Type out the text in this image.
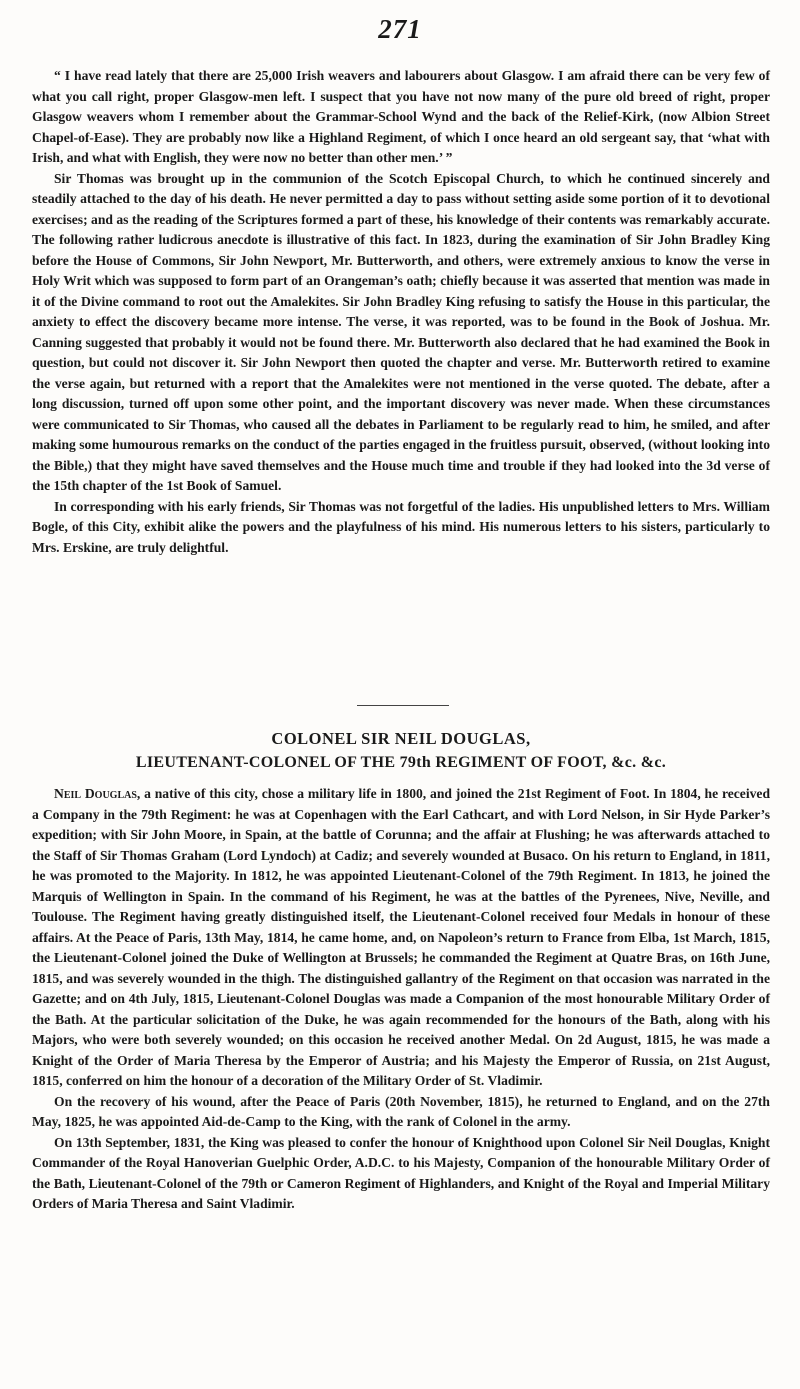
271

“ I have read lately that there are 25,000 Irish weavers and labourers about Glasgow. I am afraid there can be very few of what you call right, proper Glasgow-men left. I suspect that you have not now many of the pure old breed of right, proper Glasgow weavers whom I remember about the Grammar-School Wynd and the back of the Relief-Kirk, (now Albion Street Chapel-of-Ease). They are probably now like a Highland Regiment, of which I once heard an old sergeant say, that ‘what with Irish, and what with English, they were now no better than other men.’ ”

Sir Thomas was brought up in the communion of the Scotch Episcopal Church, to which he continued sincerely and steadily attached to the day of his death. He never permitted a day to pass without setting aside some portion of it to devotional exercises; and as the reading of the Scriptures formed a part of these, his knowledge of their contents was remarkably accurate. The following rather ludicrous anecdote is illustrative of this fact. In 1823, during the examination of Sir John Bradley King before the House of Commons, Sir John Newport, Mr. Butterworth, and others, were extremely anxious to know the verse in Holy Writ which was supposed to form part of an Orangeman’s oath; chiefly because it was asserted that mention was made in it of the Divine command to root out the Amalekites. Sir John Bradley King refusing to satisfy the House in this particular, the anxiety to effect the discovery became more intense. The verse, it was reported, was to be found in the Book of Joshua. Mr. Canning suggested that probably it would not be found there. Mr. Butterworth also declared that he had examined the Book in question, but could not discover it. Sir John Newport then quoted the chapter and verse. Mr. Butterworth retired to examine the verse again, but returned with a report that the Amalekites were not mentioned in the verse quoted. The debate, after a long discussion, turned off upon some other point, and the important discovery was never made. When these circumstances were communicated to Sir Thomas, who caused all the debates in Parliament to be regularly read to him, he smiled, and after making some humourous remarks on the conduct of the parties engaged in the fruitless pursuit, observed, (without looking into the Bible,) that they might have saved themselves and the House much time and trouble if they had looked into the 3d verse of the 15th chapter of the 1st Book of Samuel.

In corresponding with his early friends, Sir Thomas was not forgetful of the ladies. His unpublished letters to Mrs. William Bogle, of this City, exhibit alike the powers and the playfulness of his mind. His numerous letters to his sisters, particularly to Mrs. Erskine, are truly delightful.

COLONEL SIR NEIL DOUGLAS,
LIEUTENANT-COLONEL OF THE 79th REGIMENT OF FOOT, &c. &c.

Neil Douglas, a native of this city, chose a military life in 1800, and joined the 21st Regiment of Foot. In 1804, he received a Company in the 79th Regiment: he was at Copenhagen with the Earl Cathcart, and with Lord Nelson, in Sir Hyde Parker’s expedition; with Sir John Moore, in Spain, at the battle of Corunna; and the affair at Flushing; he was afterwards attached to the Staff of Sir Thomas Graham (Lord Lyndoch) at Cadiz; and severely wounded at Busaco. On his return to England, in 1811, he was promoted to the Majority. In 1812, he was appointed Lieutenant-Colonel of the 79th Regiment. In 1813, he joined the Marquis of Wellington in Spain. In the command of his Regiment, he was at the battles of the Pyrenees, Nive, Neville, and Toulouse. The Regiment having greatly distinguished itself, the Lieutenant-Colonel received four Medals in honour of these affairs. At the Peace of Paris, 13th May, 1814, he came home, and, on Napoleon’s return to France from Elba, 1st March, 1815, the Lieutenant-Colonel joined the Duke of Wellington at Brussels; he commanded the Regiment at Quatre Bras, on 16th June, 1815, and was severely wounded in the thigh. The distinguished gallantry of the Regiment on that occasion was narrated in the Gazette; and on 4th July, 1815, Lieutenant-Colonel Douglas was made a Companion of the most honourable Military Order of the Bath. At the particular solicitation of the Duke, he was again recommended for the honours of the Bath, along with his Majors, who were both severely wounded; on this occasion he received another Medal. On 2d August, 1815, he was made a Knight of the Order of Maria Theresa by the Emperor of Austria; and his Majesty the Emperor of Russia, on 21st August, 1815, conferred on him the honour of a decoration of the Military Order of St. Vladimir.

On the recovery of his wound, after the Peace of Paris (20th November, 1815), he returned to England, and on the 27th May, 1825, he was appointed Aid-de-Camp to the King, with the rank of Colonel in the army.

On 13th September, 1831, the King was pleased to confer the honour of Knighthood upon Colonel Sir Neil Douglas, Knight Commander of the Royal Hanoverian Guelphic Order, A.D.C. to his Majesty, Companion of the honourable Military Order of the Bath, Lieutenant-Colonel of the 79th or Cameron Regiment of Highlanders, and Knight of the Royal and Imperial Military Orders of Maria Theresa and Saint Vladimir.
